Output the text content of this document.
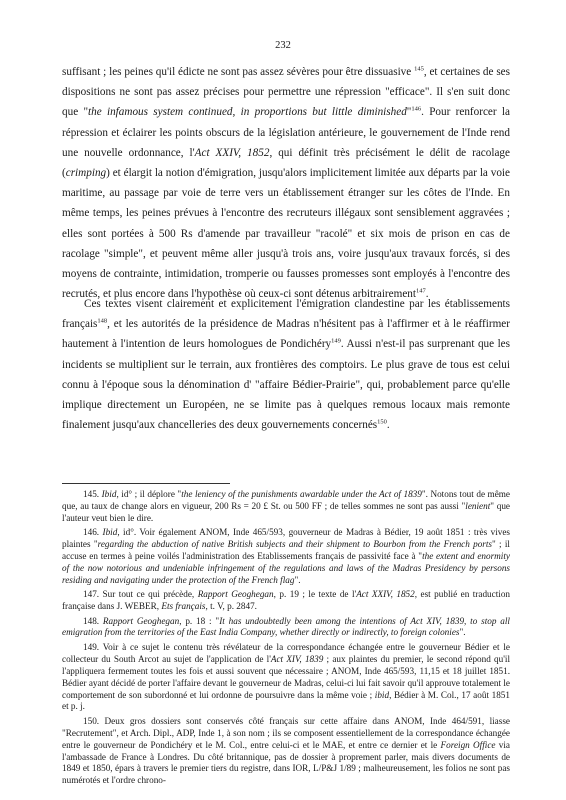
232

suffisant ; les peines qu'il édicte ne sont pas assez sévères pour être dissuasive $^{145}$, et certaines de ses dispositions ne sont pas assez précises pour permettre une répression "efficace". Il s'en suit donc que "the infamous system continued, in proportions but little diminished"$^{146}$. Pour renforcer la répression et éclairer les points obscurs de la législation antérieure, le gouvernement de l'Inde rend une nouvelle ordonnance, l'Act XXIV, 1852, qui définit très précisément le délit de racolage (crimping) et élargit la notion d'émigration, jusqu'alors implicitement limitée aux départs par la voie maritime, au passage par voie de terre vers un établissement étranger sur les côtes de l'Inde. En même temps, les peines prévues à l'encontre des recruteurs illégaux sont sensiblement aggravées ; elles sont portées à 500 Rs d'amende par travailleur "racolé" et six mois de prison en cas de racolage "simple", et peuvent même aller jusqu'à trois ans, voire jusqu'aux travaux forcés, si des moyens de contrainte, intimidation, tromperie ou fausses promesses sont employés à l'encontre des recrutés, et plus encore dans l'hypothèse où ceux-ci sont détenus arbitrairement$^{147}$.

Ces textes visent clairement et explicitement l'émigration clandestine par les établissements français$^{148}$, et les autorités de la présidence de Madras n'hésitent pas à l'affirmer et à le réaffirmer hautement à l'intention de leurs homologues de Pondichéry$^{149}$. Aussi n'est-il pas surprenant que les incidents se multiplient sur le terrain, aux frontières des comptoirs. Le plus grave de tous est celui connu à l'époque sous la dénomination d' "affaire Bédier-Prairie", qui, probablement parce qu'elle implique directement un Européen, ne se limite pas à quelques remous locaux mais remonte finalement jusqu'aux chancelleries des deux gouvernements concernés$^{150}$.

145. Ibid, id° ; il déplore "the leniency of the punishments awardable under the Act of 1839". Notons tout de même que, au taux de change alors en vigueur, 200 Rs = 20 £ St. ou 500 FF ; de telles sommes ne sont pas aussi "lenient" que l'auteur veut bien le dire.

146. Ibid, id°. Voir également ANOM, Inde 465/593, gouverneur de Madras à Bédier, 19 août 1851 : très vives plaintes "regarding the abduction of native British subjects and their shipment to Bourbon from the French ports" ; il accuse en termes à peine voilés l'administration des Etablissements français de passivité face à "the extent and enormity of the now notorious and undeniable infringement of the regulations and laws of the Madras Presidency by persons residing and navigating under the protection of the French flag".

147. Sur tout ce qui précède, Rapport Geoghegan, p. 19 ; le texte de l'Act XXIV, 1852, est publié en traduction française dans J. WEBER, Ets français, t. V, p. 2847.

148. Rapport Geoghegan, p. 18 : "It has undoubtedly been among the intentions of Act XIV, 1839, to stop all emigration from the territories of the East India Company, whether directly or indirectly, to foreign colonies".

149. Voir à ce sujet le contenu très révélateur de la correspondance échangée entre le gouverneur Bédier et le collecteur du South Arcot au sujet de l'application de l'Act XIV, 1839 ; aux plaintes du premier, le second répond qu'il l'appliquera fermement toutes les fois et aussi souvent que nécessaire ; ANOM, Inde 465/593, 11,15 et 18 juillet 1851. Bédier ayant décidé de porter l'affaire devant le gouverneur de Madras, celui-ci lui fait savoir qu'il approuve totalement le comportement de son subordonné et lui ordonne de poursuivre dans la même voie ; ibid, Bédier à M. Col., 17 août 1851 et p. j.

150. Deux gros dossiers sont conservés côté français sur cette affaire dans ANOM, Inde 464/591, liasse "Recrutement", et Arch. Dipl., ADP, Inde 1, à son nom ; ils se composent essentiellement de la correspondance échangée entre le gouverneur de Pondichéry et le M. Col., entre celui-ci et le MAE, et entre ce dernier et le Foreign Office via l'ambassade de France à Londres. Du côté britannique, pas de dossier à proprement parler, mais divers documents de 1849 et 1850, épars à travers le premier tiers du registre, dans IOR, L/P&J 1/89 ; malheureusement, les folios ne sont pas numérotés et l'ordre chrono-
